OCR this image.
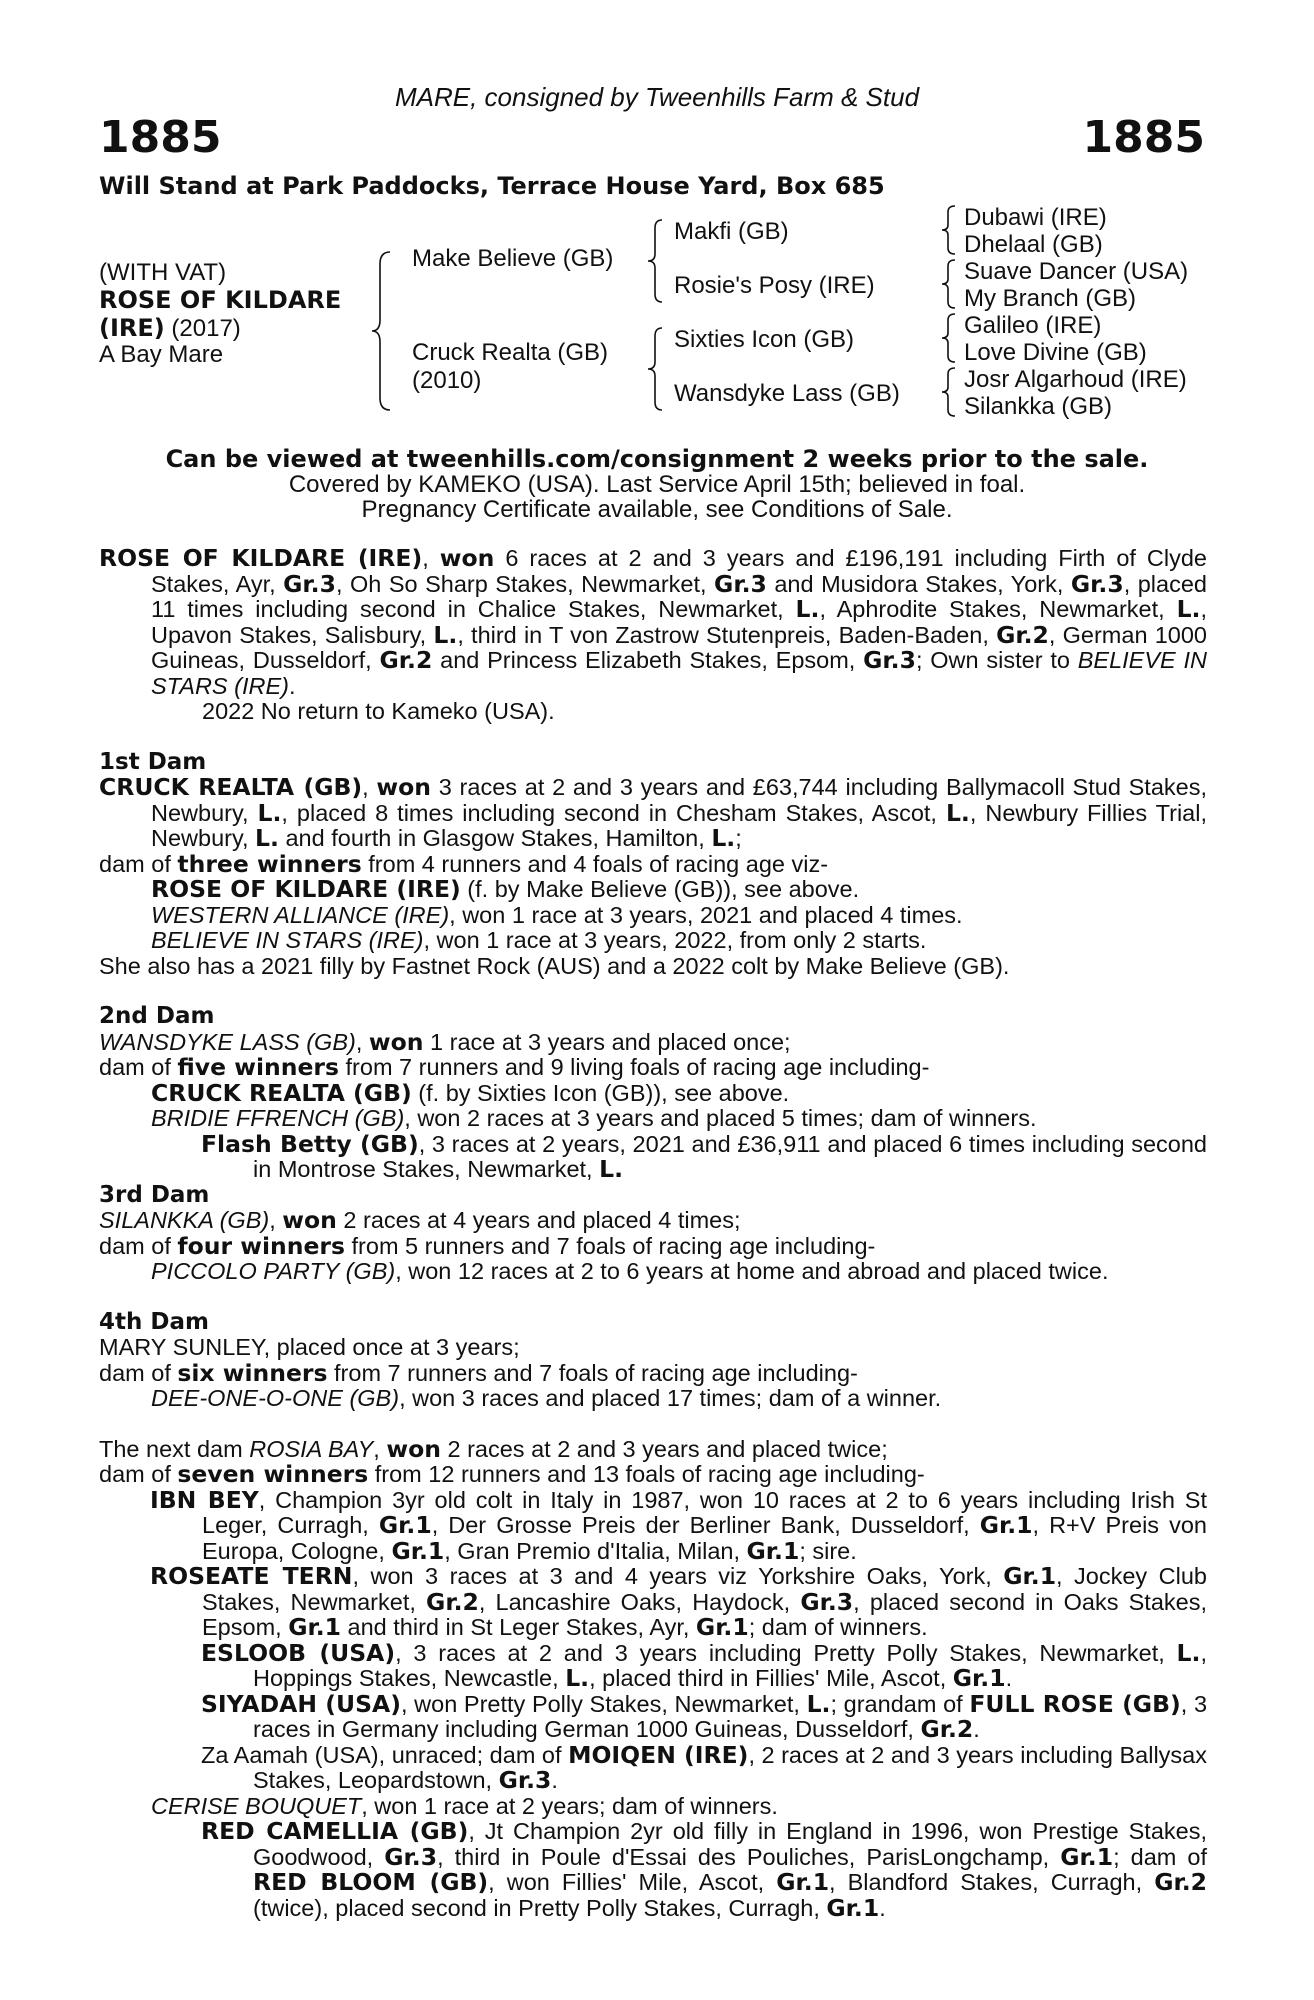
MARE, consigned by Tweenhills Farm & Stud
1885	1885
Will Stand at Park Paddocks, Terrace House Yard, Box 685
(WITH VAT)
ROSE OF KILDARE
(IRE) (2017)
A Bay Mare
Make Believe (GB)
Cruck Realta (GB)
(2010)
Makfi (GB)
Rosie's Posy (IRE)
Sixties Icon (GB)
Wansdyke Lass (GB)
Dubawi (IRE)
Dhelaal (GB)
Suave Dancer (USA)
My Branch (GB)
Galileo (IRE)
Love Divine (GB)
Josr Algarhoud (IRE)
Silankka (GB)
Can be viewed at tweenhills.com/consignment 2 weeks prior to the sale.
Covered by KAMEKO (USA). Last Service April 15th; believed in foal.
Pregnancy Certificate available, see Conditions of Sale.

ROSE OF KILDARE (IRE), won 6 races at 2 and 3 years and £196,191 including Firth of Clyde Stakes, Ayr, Gr.3, Oh So Sharp Stakes, Newmarket, Gr.3 and Musidora Stakes, York, Gr.3, placed 11 times including second in Chalice Stakes, Newmarket, L., Aphrodite Stakes, Newmarket, L., Upavon Stakes, Salisbury, L., third in T von Zastrow Stutenpreis, Baden-Baden, Gr.2, German 1000 Guineas, Dusseldorf, Gr.2 and Princess Elizabeth Stakes, Epsom, Gr.3; Own sister to BELIEVE IN STARS (IRE).

2022 No return to Kameko (USA).

1st Dam

CRUCK REALTA (GB), won 3 races at 2 and 3 years and £63,744 including Ballymacoll Stud Stakes, Newbury, L., placed 8 times including second in Chesham Stakes, Ascot, L., Newbury Fillies Trial, Newbury, L. and fourth in Glasgow Stakes, Hamilton, L.;

dam of three winners from 4 runners and 4 foals of racing age viz-

ROSE OF KILDARE (IRE) (f. by Make Believe (GB)), see above.

WESTERN ALLIANCE (IRE), won 1 race at 3 years, 2021 and placed 4 times.

BELIEVE IN STARS (IRE), won 1 race at 3 years, 2022, from only 2 starts.

She also has a 2021 filly by Fastnet Rock (AUS) and a 2022 colt by Make Believe (GB).

2nd Dam

WANSDYKE LASS (GB), won 1 race at 3 years and placed once;

dam of five winners from 7 runners and 9 living foals of racing age including-

CRUCK REALTA (GB) (f. by Sixties Icon (GB)), see above.

BRIDIE FFRENCH (GB), won 2 races at 3 years and placed 5 times; dam of winners.

Flash Betty (GB), 3 races at 2 years, 2021 and £36,911 and placed 6 times including second in Montrose Stakes, Newmarket, L.

3rd Dam

SILANKKA (GB), won 2 races at 4 years and placed 4 times;

dam of four winners from 5 runners and 7 foals of racing age including-

PICCOLO PARTY (GB), won 12 races at 2 to 6 years at home and abroad and placed twice.

4th Dam

MARY SUNLEY, placed once at 3 years;

dam of six winners from 7 runners and 7 foals of racing age including-

DEE-ONE-O-ONE (GB), won 3 races and placed 17 times; dam of a winner.

The next dam ROSIA BAY, won 2 races at 2 and 3 years and placed twice;

dam of seven winners from 12 runners and 13 foals of racing age including-

IBN BEY, Champion 3yr old colt in Italy in 1987, won 10 races at 2 to 6 years including Irish St Leger, Curragh, Gr.1, Der Grosse Preis der Berliner Bank, Dusseldorf, Gr.1, R+V Preis von Europa, Cologne, Gr.1, Gran Premio d'Italia, Milan, Gr.1; sire.

ROSEATE TERN, won 3 races at 3 and 4 years viz Yorkshire Oaks, York, Gr.1, Jockey Club Stakes, Newmarket, Gr.2, Lancashire Oaks, Haydock, Gr.3, placed second in Oaks Stakes, Epsom, Gr.1 and third in St Leger Stakes, Ayr, Gr.1; dam of winners.

ESLOOB (USA), 3 races at 2 and 3 years including Pretty Polly Stakes, Newmarket, L., Hoppings Stakes, Newcastle, L., placed third in Fillies' Mile, Ascot, Gr.1.

SIYADAH (USA), won Pretty Polly Stakes, Newmarket, L.; grandam of FULL ROSE (GB), 3 races in Germany including German 1000 Guineas, Dusseldorf, Gr.2.

Za Aamah (USA), unraced; dam of MOIQEN (IRE), 2 races at 2 and 3 years including Ballysax Stakes, Leopardstown, Gr.3.

CERISE BOUQUET, won 1 race at 2 years; dam of winners.

RED CAMELLIA (GB), Jt Champion 2yr old filly in England in 1996, won Prestige Stakes, Goodwood, Gr.3, third in Poule d'Essai des Pouliches, ParisLongchamp, Gr.1; dam of RED BLOOM (GB), won Fillies' Mile, Ascot, Gr.1, Blandford Stakes, Curragh, Gr.2 (twice), placed second in Pretty Polly Stakes, Curragh, Gr.1.
